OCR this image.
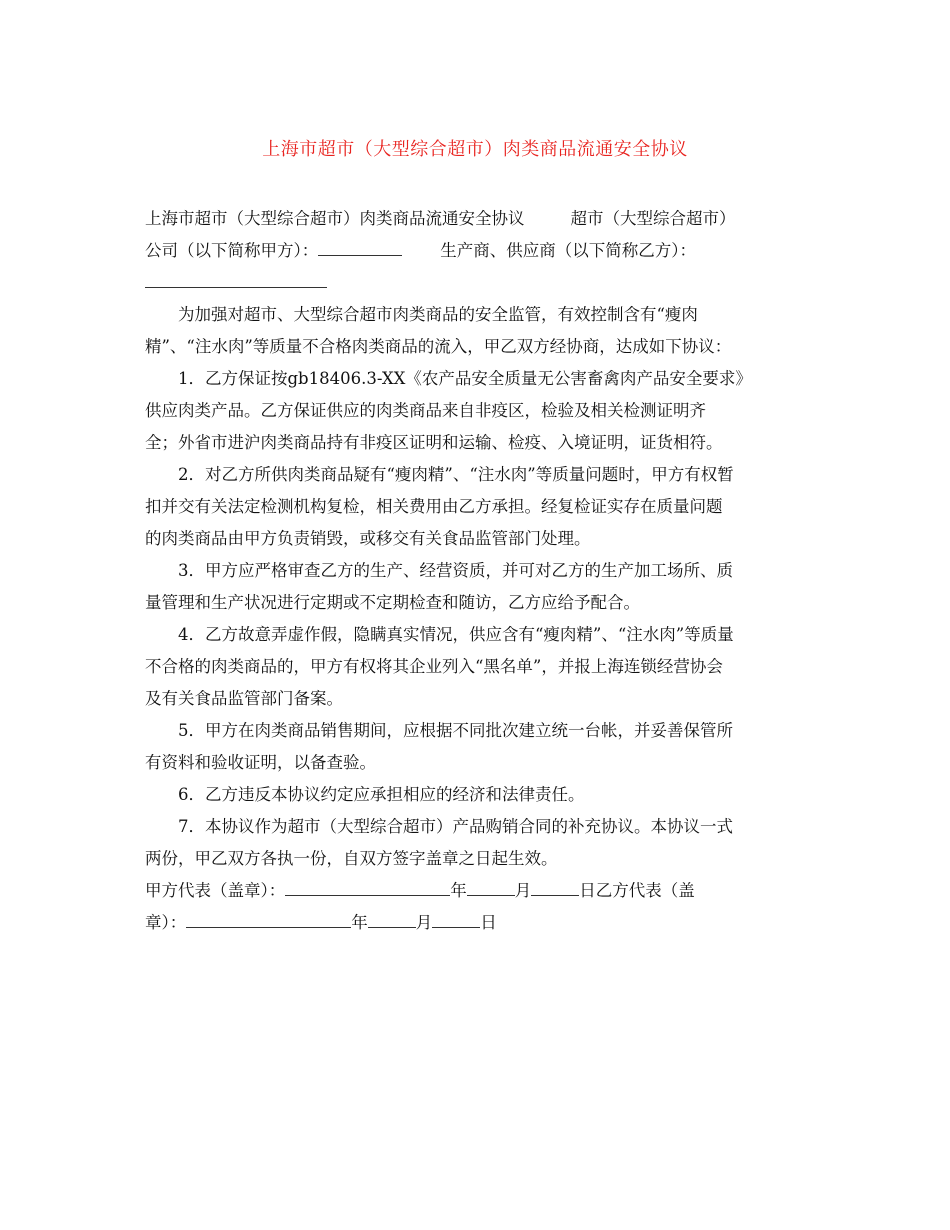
上海市超市（大型综合超市）肉类商品流通安全协议
上海市超市（大型综合超市）肉类商品流通安全协议	超市（大型综合超市）
公司（以下简称甲方）：	生产商、供应商（以下简称乙方）：
为加强对超市、大型综合超市肉类商品的安全监管，有效控制含有“瘦肉
精”、“注水肉”等质量不合格肉类商品的流入，甲乙双方经协商，达成如下协议：
1．乙方保证按gb18406.3-XX《农产品安全质量无公害畜禽肉产品安全要求》
供应肉类产品。乙方保证供应的肉类商品来自非疫区，检验及相关检测证明齐
全；外省市进沪肉类商品持有非疫区证明和运输、检疫、入境证明，证货相符。
2．对乙方所供肉类商品疑有“瘦肉精”、“注水肉”等质量问题时，甲方有权暂
扣并交有关法定检测机构复检，相关费用由乙方承担。经复检证实存在质量问题
的肉类商品由甲方负责销毁，或移交有关食品监管部门处理。
3．甲方应严格审查乙方的生产、经营资质，并可对乙方的生产加工场所、质
量管理和生产状况进行定期或不定期检查和随访，乙方应给予配合。
4．乙方故意弄虚作假，隐瞒真实情况，供应含有“瘦肉精”、“注水肉”等质量
不合格的肉类商品的，甲方有权将其企业列入“黑名单”，并报上海连锁经营协会
及有关食品监管部门备案。
5．甲方在肉类商品销售期间，应根据不同批次建立统一台帐，并妥善保管所
有资料和验收证明，以备查验。
6．乙方违反本协议约定应承担相应的经济和法律责任。
7．本协议作为超市（大型综合超市）产品购销合同的补充协议。本协议一式
两份，甲乙双方各执一份，自双方签字盖章之日起生效。
甲方代表（盖章）：	年	月	日乙方代表（盖
章）：	年	月	日
